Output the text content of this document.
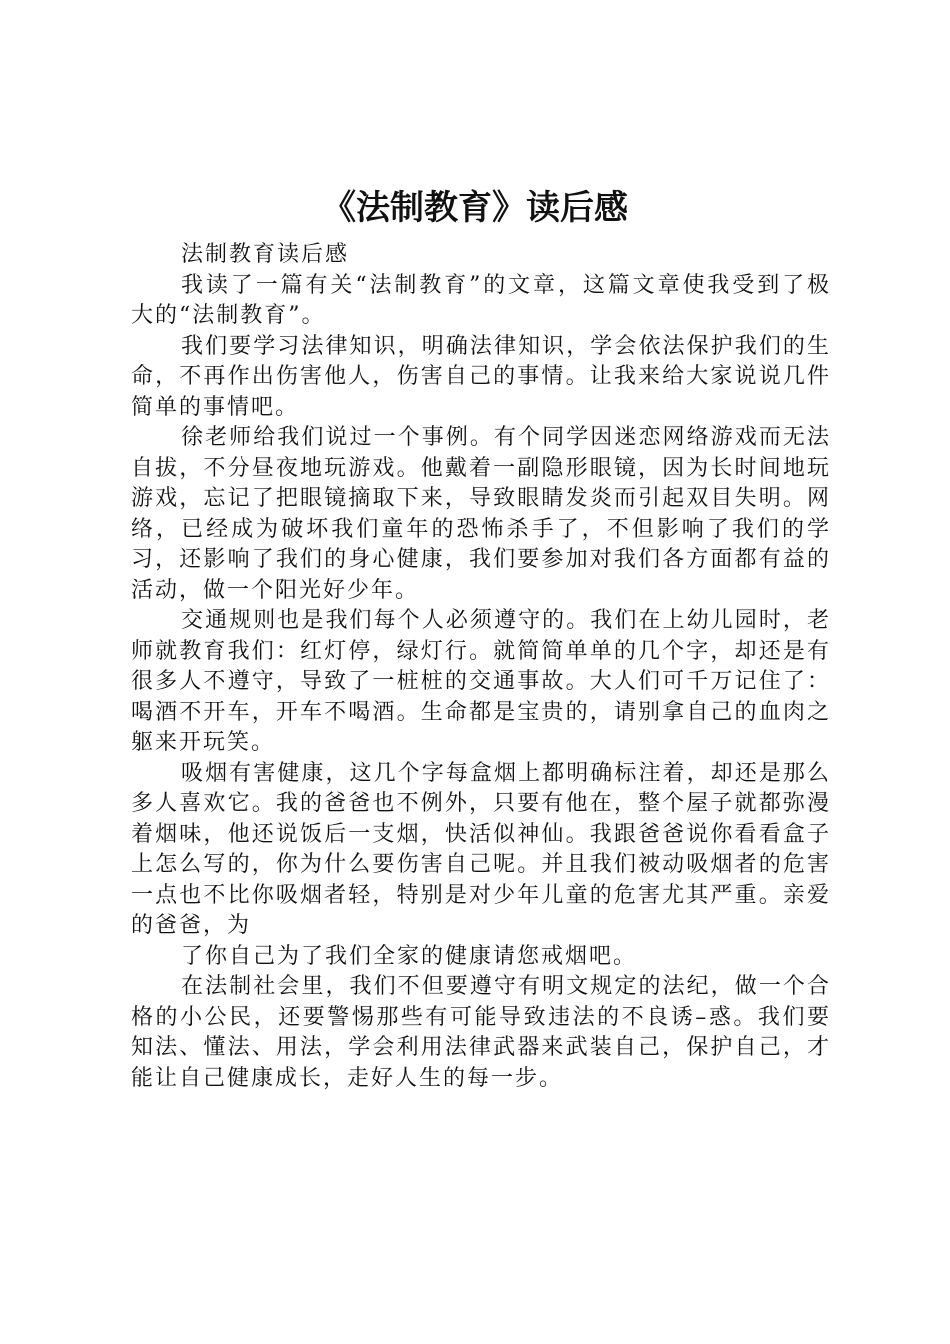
《法制教育》读后感

法制教育读后感

我读了一篇有关“法制教育”的文章，这篇文章使我受到了极大的“法制教育”。

我们要学习法律知识，明确法律知识，学会依法保护我们的生命，不再作出伤害他人，伤害自己的事情。让我来给大家说说几件简单的事情吧。

徐老师给我们说过一个事例。有个同学因迷恋网络游戏而无法自拔，不分昼夜地玩游戏。他戴着一副隐形眼镜，因为长时间地玩游戏，忘记了把眼镜摘取下来，导致眼睛发炎而引起双目失明。网络，已经成为破坏我们童年的恐怖杀手了，不但影响了我们的学习，还影响了我们的身心健康，我们要参加对我们各方面都有益的活动，做一个阳光好少年。

交通规则也是我们每个人必须遵守的。我们在上幼儿园时，老师就教育我们：红灯停，绿灯行。就简简单单的几个字，却还是有很多人不遵守，导致了一桩桩的交通事故。大人们可千万记住了：喝酒不开车，开车不喝酒。生命都是宝贵的，请别拿自己的血肉之躯来开玩笑。

吸烟有害健康，这几个字每盒烟上都明确标注着，却还是那么多人喜欢它。我的爸爸也不例外，只要有他在，整个屋子就都弥漫着烟味，他还说饭后一支烟，快活似神仙。我跟爸爸说你看看盒子上怎么写的，你为什么要伤害自己呢。并且我们被动吸烟者的危害一点也不比你吸烟者轻，特别是对少年儿童的危害尤其严重。亲爱的爸爸，为

了你自己为了我们全家的健康请您戒烟吧。

在法制社会里，我们不但要遵守有明文规定的法纪，做一个合格的小公民，还要警惕那些有可能导致违法的不良诱–惑。我们要知法、懂法、用法，学会利用法律武器来武装自己，保护自己，才能让自己健康成长，走好人生的每一步。
